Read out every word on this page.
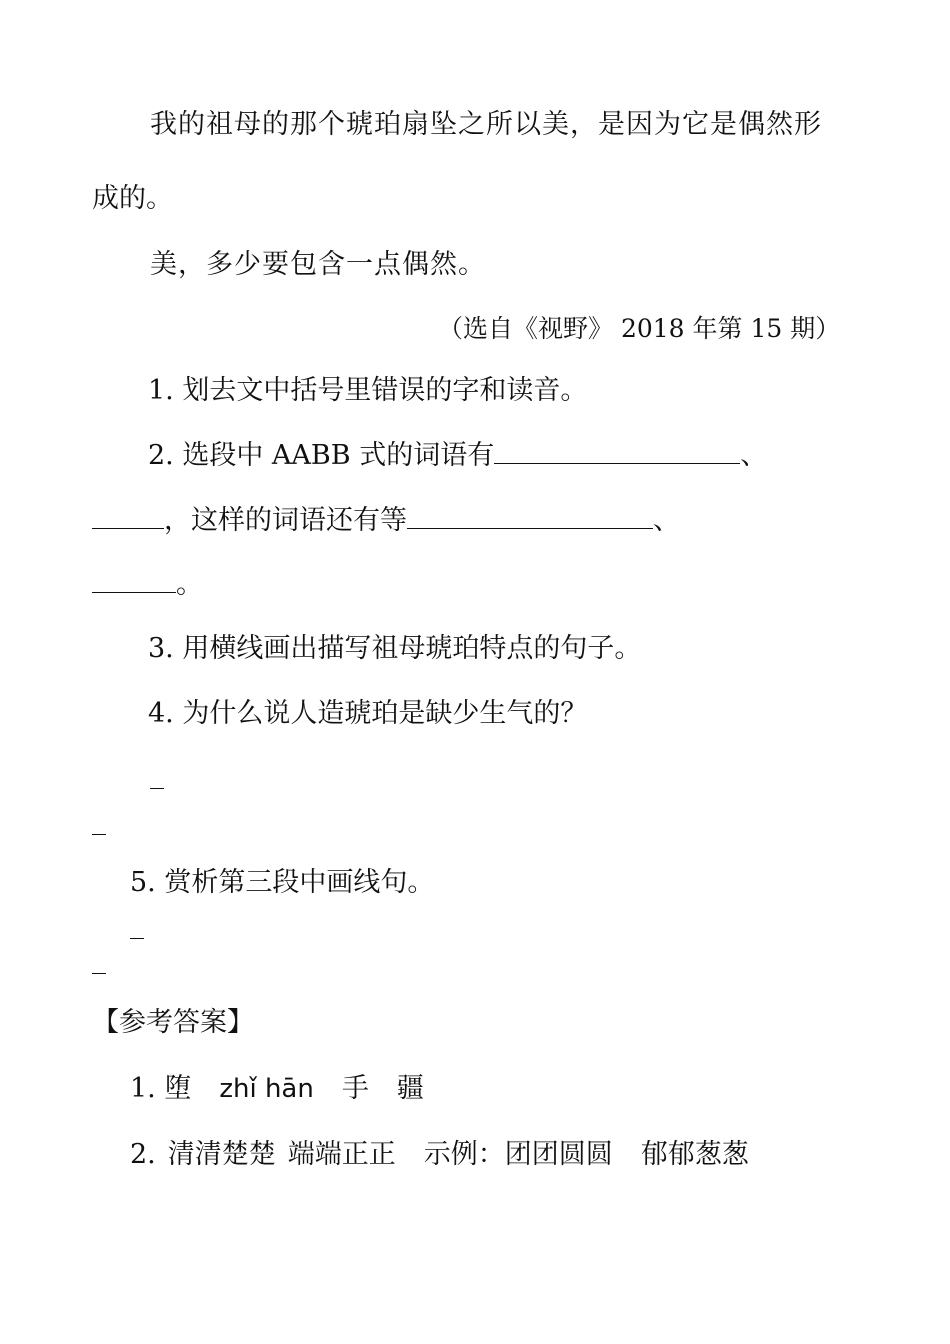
我的祖母的那个琥珀扇坠之所以美，是因为它是偶然形
成的。
美，多少要包含一点偶然。
（选自《视野》 2018 年第 15 期）
1. 划去文中括号里错误的字和读音。
2. 选段中 AABB 式的词语有	、
，这样的词语还有等	、
。
3. 用横线画出描写祖母琥珀特点的句子。
4. 为什么说人造琥珀是缺少生气的？
5. 赏析第三段中画线句。
【参考答案】
1. 堕 zhǐ hān 手 疆
2. 清清楚楚 端端正正 示例：团团圆圆 郁郁葱葱
